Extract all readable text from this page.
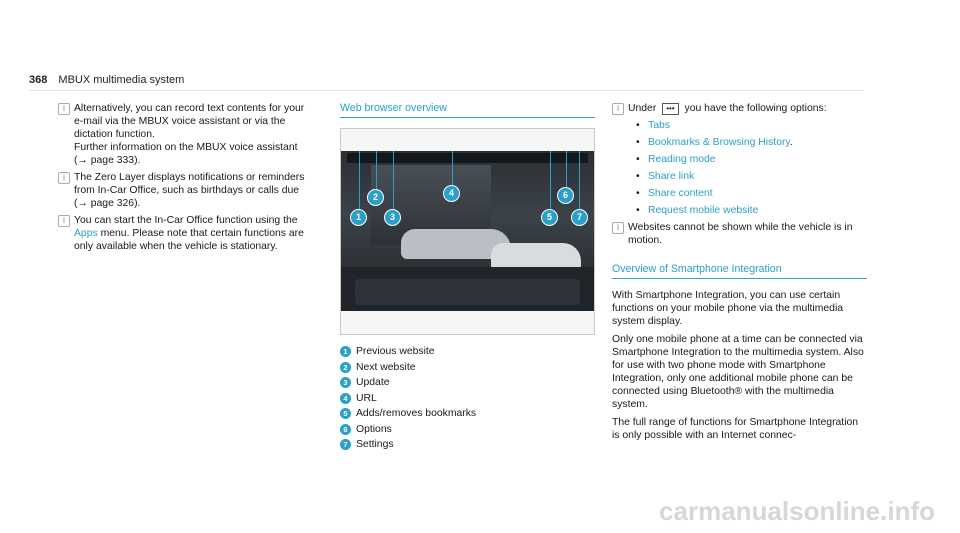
368 MBUX multimedia system
i Alternatively, you can record text contents for your e-mail via the MBUX voice assistant or via the dictation function.
Further information on the MBUX voice assistant (→ page 333).
i The Zero Layer displays notifications or reminders from In-Car Office, such as birthdays or calls due (→ page 326).
i You can start the In-Car Office function using the Apps menu. Please note that certain functions are only available when the vehicle is stationary.
Web browser overview
1
2
3
4
5
6
7
1 Previous website
2 Next website
3 Update
4 URL
5 Adds/removes bookmarks
6 Options
7 Settings
i Under ••• you have the following options:
• Tabs
• Bookmarks & Browsing History.
• Reading mode
• Share link
• Share content
• Request mobile website
i Websites cannot be shown while the vehicle is in motion.
Overview of Smartphone Integration
With Smartphone Integration, you can use certain functions on your mobile phone via the multimedia system display.
Only one mobile phone at a time can be connected via Smartphone Integration to the multimedia system. Also for use with two phone mode with Smartphone Integration, only one additional mobile phone can be connected using Bluetooth® with the multimedia system.
The full range of functions for Smartphone Integration is only possible with an Internet connec-
carmanualsonline.info
